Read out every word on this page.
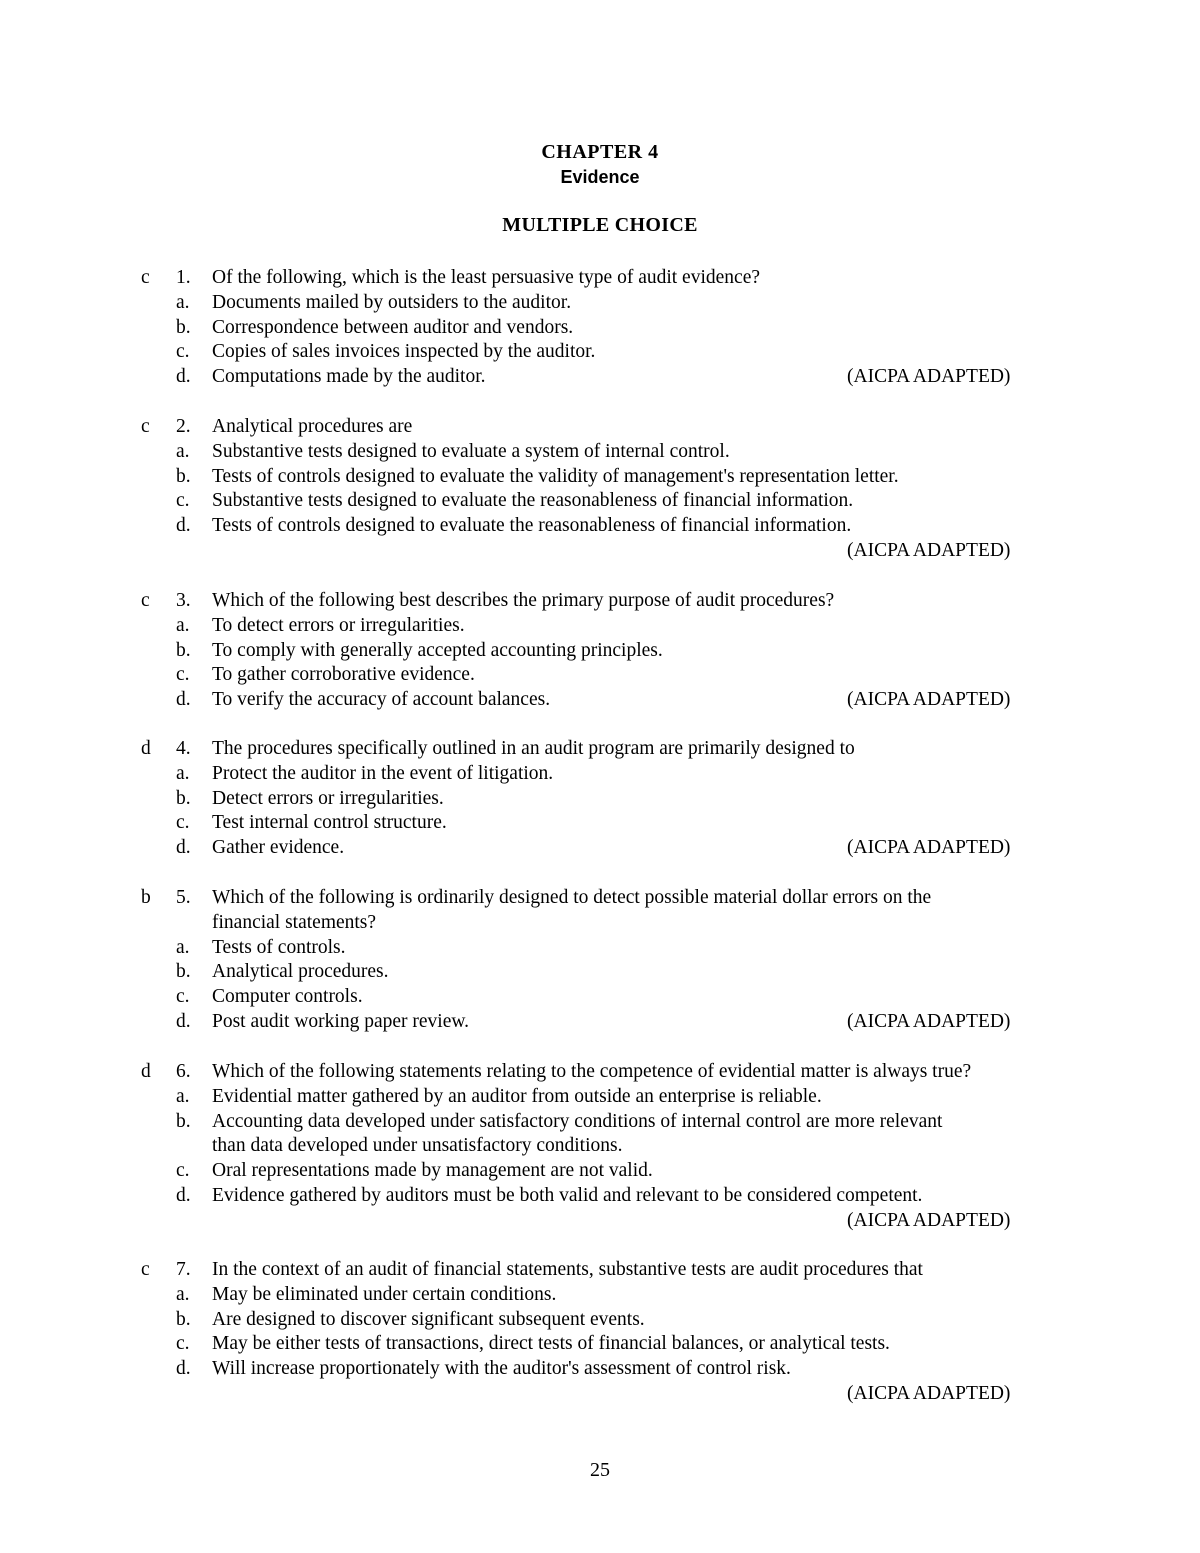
CHAPTER 4
Evidence
MULTIPLE CHOICE
c 1. Of the following, which is the least persuasive type of audit evidence?
a. Documents mailed by outsiders to the auditor.
b. Correspondence between auditor and vendors.
c. Copies of sales invoices inspected by the auditor.
d. Computations made by the auditor.	(AICPA ADAPTED)
c 2. Analytical procedures are
a. Substantive tests designed to evaluate a system of internal control.
b. Tests of controls designed to evaluate the validity of management's representation letter.
c. Substantive tests designed to evaluate the reasonableness of financial information.
d. Tests of controls designed to evaluate the reasonableness of financial information.
(AICPA ADAPTED)
c 3. Which of the following best describes the primary purpose of audit procedures?
a. To detect errors or irregularities.
b. To comply with generally accepted accounting principles.
c. To gather corroborative evidence.
d. To verify the accuracy of account balances.	(AICPA ADAPTED)
d 4. The procedures specifically outlined in an audit program are primarily designed to
a. Protect the auditor in the event of litigation.
b. Detect errors or irregularities.
c. Test internal control structure.
d. Gather evidence.	(AICPA ADAPTED)
b 5. Which of the following is ordinarily designed to detect possible material dollar errors on the
financial statements?
a. Tests of controls.
b. Analytical procedures.
c. Computer controls.
d. Post audit working paper review.	(AICPA ADAPTED)
d 6. Which of the following statements relating to the competence of evidential matter is always true?
a. Evidential matter gathered by an auditor from outside an enterprise is reliable.
b. Accounting data developed under satisfactory conditions of internal control are more relevant
than data developed under unsatisfactory conditions.
c. Oral representations made by management are not valid.
d. Evidence gathered by auditors must be both valid and relevant to be considered competent.
(AICPA ADAPTED)
c 7. In the context of an audit of financial statements, substantive tests are audit procedures that
a. May be eliminated under certain conditions.
b. Are designed to discover significant subsequent events.
c. May be either tests of transactions, direct tests of financial balances, or analytical tests.
d. Will increase proportionately with the auditor's assessment of control risk.
(AICPA ADAPTED)
25
